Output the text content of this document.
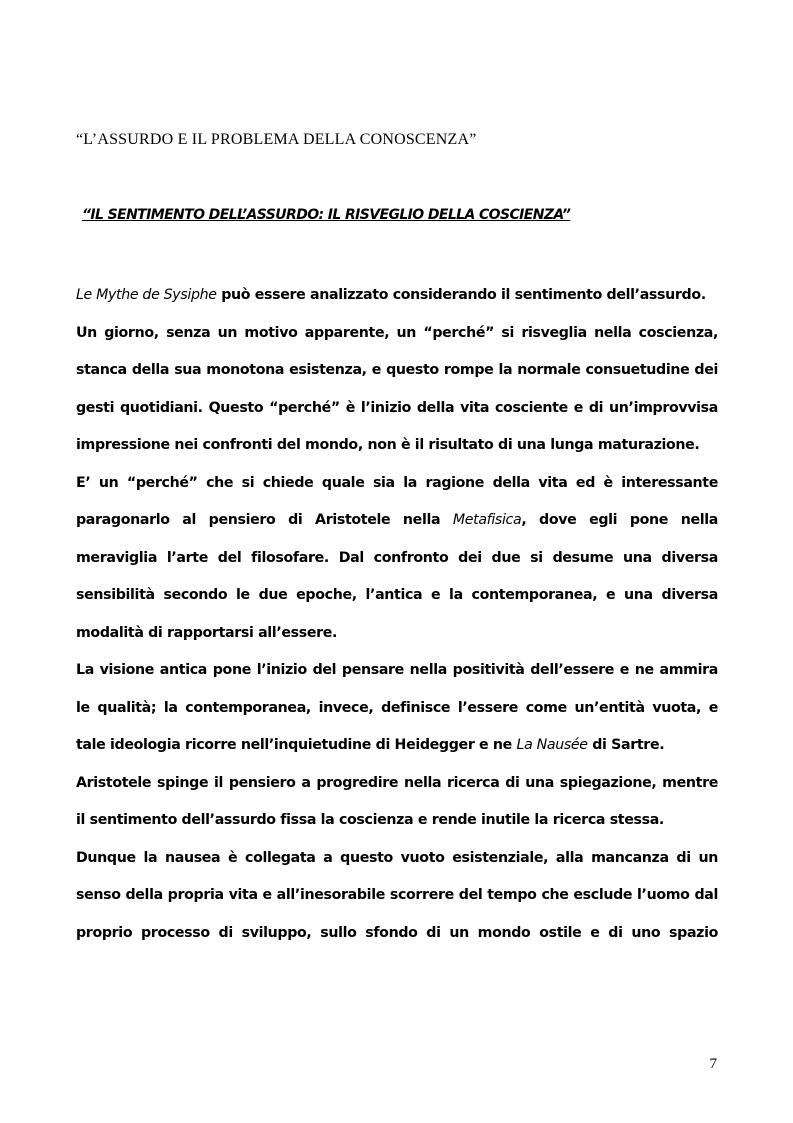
“L’ASSURDO E IL PROBLEMA DELLA CONOSCENZA”
“IL SENTIMENTO DELL’ASSURDO: IL RISVEGLIO DELLA COSCIENZA”

Le Mythe de Sysiphe può essere analizzato considerando il sentimento dell’assurdo.

Un giorno, senza un motivo apparente, un “perché” si risveglia nella coscienza, stanca della sua monotona esistenza, e questo rompe la normale consuetudine dei gesti quotidiani. Questo “perché” è l’inizio della vita cosciente e di un’improvvisa impressione nei confronti del mondo, non è il risultato di una lunga maturazione.

E’ un “perché” che si chiede quale sia la ragione della vita ed è interessante paragonarlo al pensiero di Aristotele nella Metafisica, dove egli pone nella meraviglia l’arte del filosofare. Dal confronto dei due si desume una diversa sensibilità secondo le due epoche, l’antica e la contemporanea, e una diversa modalità di rapportarsi all’essere.

La visione antica pone l’inizio del pensare nella positività dell’essere e ne ammira le qualità; la contemporanea, invece, definisce l’essere come un’entità vuota, e tale ideologia ricorre nell’inquietudine di Heidegger e ne La Nausée di Sartre.

Aristotele spinge il pensiero a progredire nella ricerca di una spiegazione, mentre il sentimento dell’assurdo fissa la coscienza e rende inutile la ricerca stessa.

Dunque la nausea è collegata a questo vuoto esistenziale, alla mancanza di un senso della propria vita e all’inesorabile scorrere del tempo che esclude l’uomo dal proprio processo di sviluppo, sullo sfondo di un mondo ostile e di uno spazio

7
